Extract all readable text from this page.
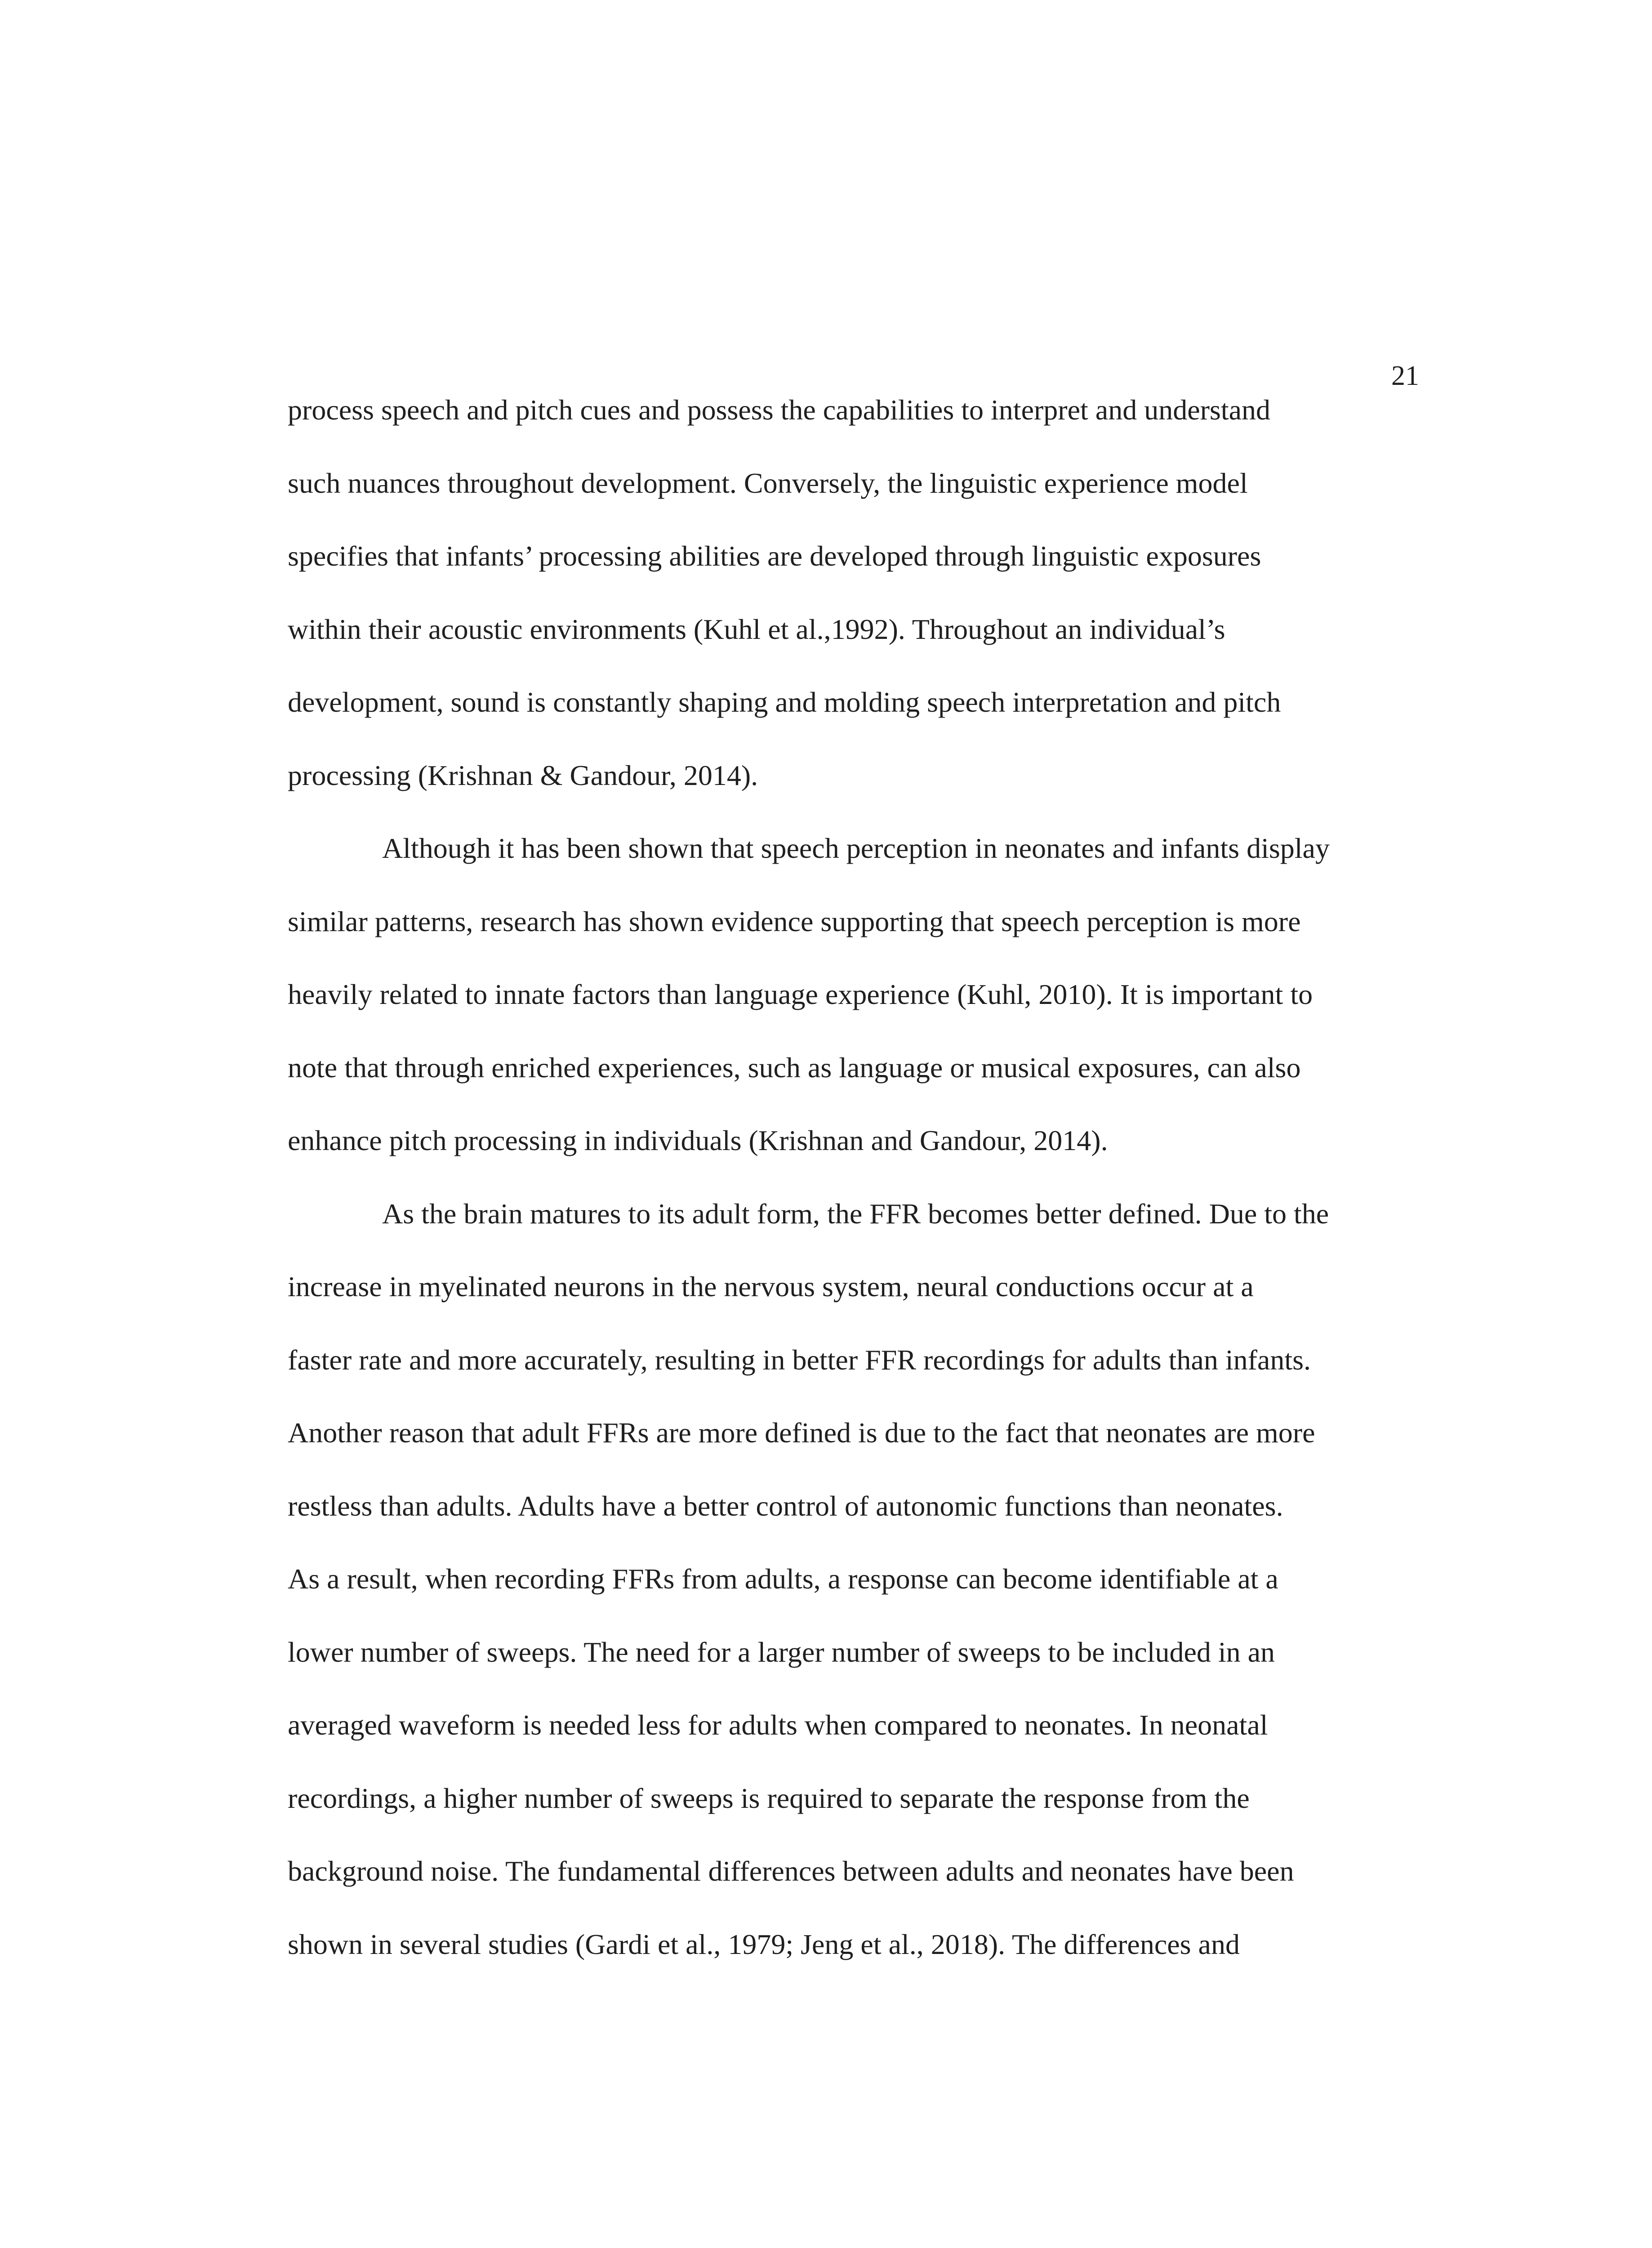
21
process speech and pitch cues and possess the capabilities to interpret and understand
such nuances throughout development. Conversely, the linguistic experience model
specifies that infants’ processing abilities are developed through linguistic exposures
within their acoustic environments (Kuhl et al.,1992). Throughout an individual’s
development, sound is constantly shaping and molding speech interpretation and pitch
processing (Krishnan & Gandour, 2014).
Although it has been shown that speech perception in neonates and infants display
similar patterns, research has shown evidence supporting that speech perception is more
heavily related to innate factors than language experience (Kuhl, 2010). It is important to
note that through enriched experiences, such as language or musical exposures, can also
enhance pitch processing in individuals (Krishnan and Gandour, 2014).
As the brain matures to its adult form, the FFR becomes better defined. Due to the
increase in myelinated neurons in the nervous system, neural conductions occur at a
faster rate and more accurately, resulting in better FFR recordings for adults than infants.
Another reason that adult FFRs are more defined is due to the fact that neonates are more
restless than adults. Adults have a better control of autonomic functions than neonates.
As a result, when recording FFRs from adults, a response can become identifiable at a
lower number of sweeps. The need for a larger number of sweeps to be included in an
averaged waveform is needed less for adults when compared to neonates. In neonatal
recordings, a higher number of sweeps is required to separate the response from the
background noise. The fundamental differences between adults and neonates have been
shown in several studies (Gardi et al., 1979; Jeng et al., 2018). The differences and
